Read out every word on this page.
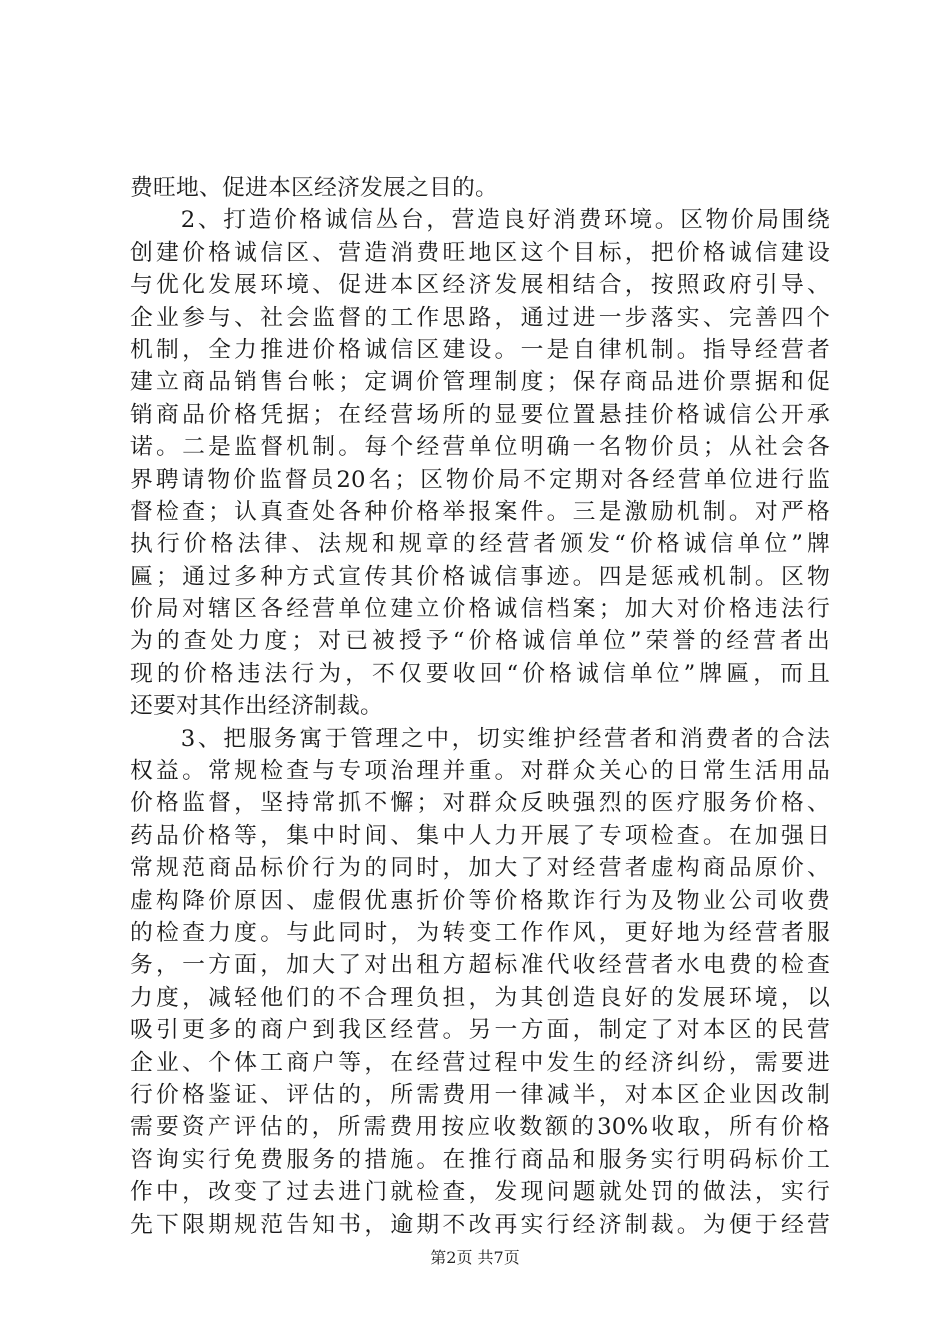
费旺地、促进本区经济发展之目的。
　　2、打造价格诚信丛台，营造良好消费环境。区物价局围绕
创建价格诚信区、营造消费旺地区这个目标，把价格诚信建设
与优化发展环境、促进本区经济发展相结合，按照政府引导、
企业参与、社会监督的工作思路，通过进一步落实、完善四个
机制，全力推进价格诚信区建设。一是自律机制。指导经营者
建立商品销售台帐；定调价管理制度；保存商品进价票据和促
销商品价格凭据；在经营场所的显要位置悬挂价格诚信公开承
诺。二是监督机制。每个经营单位明确一名物价员；从社会各
界聘请物价监督员20名；区物价局不定期对各经营单位进行监
督检查；认真查处各种价格举报案件。三是激励机制。对严格
执行价格法律、法规和规章的经营者颁发“价格诚信单位”牌
匾；通过多种方式宣传其价格诚信事迹。四是惩戒机制。区物
价局对辖区各经营单位建立价格诚信档案；加大对价格违法行
为的查处力度；对已被授予“价格诚信单位”荣誉的经营者出
现的价格违法行为，不仅要收回“价格诚信单位”牌匾，而且
还要对其作出经济制裁。
　　3、把服务寓于管理之中，切实维护经营者和消费者的合法
权益。常规检查与专项治理并重。对群众关心的日常生活用品
价格监督，坚持常抓不懈；对群众反映强烈的医疗服务价格、
药品价格等，集中时间、集中人力开展了专项检查。在加强日
常规范商品标价行为的同时，加大了对经营者虚构商品原价、
虚构降价原因、虚假优惠折价等价格欺诈行为及物业公司收费
的检查力度。与此同时，为转变工作作风，更好地为经营者服
务，一方面，加大了对出租方超标准代收经营者水电费的检查
力度，减轻他们的不合理负担，为其创造良好的发展环境，以
吸引更多的商户到我区经营。另一方面，制定了对本区的民营
企业、个体工商户等，在经营过程中发生的经济纠纷，需要进
行价格鉴证、评估的，所需费用一律减半，对本区企业因改制
需要资产评估的，所需费用按应收数额的30%收取，所有价格
咨询实行免费服务的措施。在推行商品和服务实行明码标价工
作中，改变了过去进门就检查，发现问题就处罚的做法，实行
先下限期规范告知书，逾期不改再实行经济制裁。为便于经营
第2页 共7页
